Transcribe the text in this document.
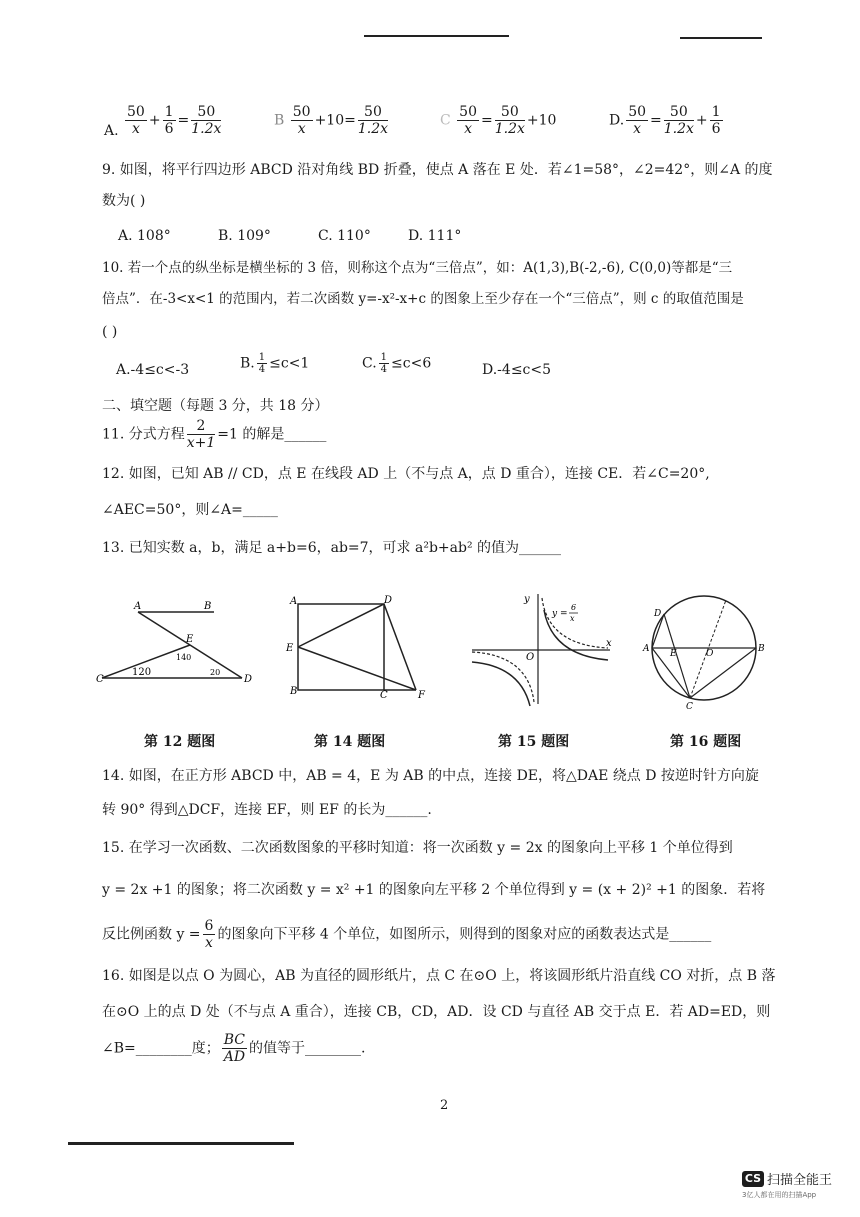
A. $\frac{50}{x} + \frac{1}{6} = \frac{50}{1.2x}$	B $\frac{50}{x} +10= \frac{50}{1.2x}$	C $\frac{50}{x} = \frac{50}{1.2x} +10$	D. $\frac{50}{x} = \frac{50}{1.2x} + \frac{1}{6}$
9. 如图，将平行四边形 ABCD 沿对角线 BD 折叠，使点 A 落在 E 处．若∠1=58°，∠2=42°，则∠A 的度
数为( )
A. 108°	B. 109°	C. 110°	D. 111°
10. 若一个点的纵坐标是横坐标的 3 倍，则称这个点为“三倍点”，如：A(1,3),B(-2,-6), C(0,0)等都是“三
倍点”．在-3<x<1 的范围内，若二次函数 y=-x²-x+c 的图象上至少存在一个“三倍点”，则 c 的取值范围是
( )
A.-4≤c<-3	B. $\frac{1}{4} \le c<1$	C. $\frac{1}{4} \le c<6$	D.-4≤c<5
二、填空题（每题 3 分，共 18 分）
11. 分式方程 $\frac{2}{x+1} =1$ 的解是______
12. 如图，已知 AB // CD，点 E 在线段 AD 上（不与点 A，点 D 重合），连接 CE．若∠C=20°,
∠AEC=50°，则∠A=_____
13. 已知实数 a，b，满足 a+b=6，ab=7，可求 a²b+ab² 的值为______
A	B
C	D
E
120
140
20
第 12 题图
A
B	C
D
E
F
第 14 题图
y
x
O
y =
6
x
第 15 题图
D
A	B
C
E	O
第 16 题图
14. 如图，在正方形 ABCD 中，AB = 4，E 为 AB 的中点，连接 DE，将△DAE 绕点 D 按逆时针方向旋
转 90° 得到△DCF，连接 EF，则 EF 的长为______.
15. 在学习一次函数、二次函数图象的平移时知道：将一次函数 y = 2x 的图象向上平移 1 个单位得到
y = 2x +1 的图象；将二次函数 y = x² +1 的图象向左平移 2 个单位得到 y = (x + 2)² +1 的图象．若将
反比例函数 $y = \frac{6}{x}$ 的图象向下平移 4 个单位，如图所示，则得到的图象对应的函数表达式是______
16. 如图是以点 O 为圆心，AB 为直径的圆形纸片，点 C 在⊙O 上，将该圆形纸片沿直线 CO 对折，点 B 落
在⊙O 上的点 D 处（不与点 A 重合），连接 CB，CD，AD．设 CD 与直径 AB 交于点 E．若 AD=ED，则
∠B=________度； $\frac{BC}{AD}$ 的值等于________.
2
CS 扫描全能王
3亿人都在用的扫描App
